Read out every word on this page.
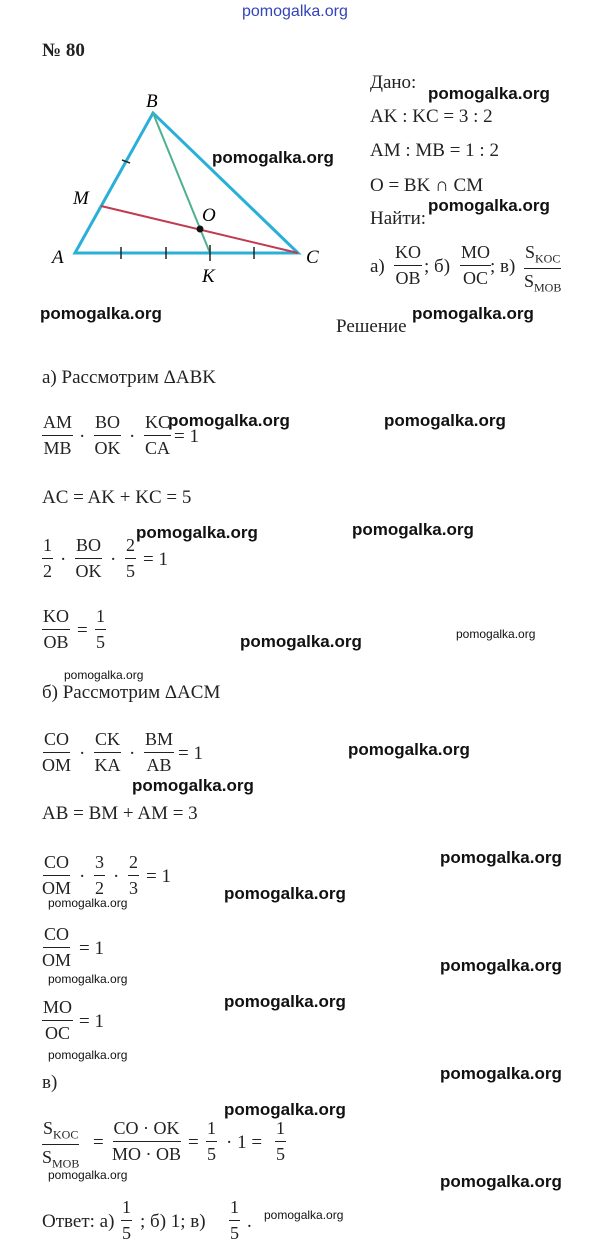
pomogalka.org
№ 80
A
B
C
M
O
K
Дано:
AK : KC = 3 : 2
AM : MB = 1 : 2
O = BK ∩ CM
Найти:
$а) \frac{KO}{OB}$ ; $б) \frac{MO}{OC}$
; в)
$S_{KOC}$
$S_{MOB}$
Решение
а) Рассмотрим ΔABK
$\frac{AM}{MB} \cdot \frac{BO}{OK} \cdot \frac{KC}{CA} = 1$
AC = AK + KC = 5
$\frac{1}{2} \cdot \frac{BO}{OK} \cdot \frac{2}{5} = 1$
$\frac{KO}{OB} = \frac{1}{5}$
б) Рассмотрим ΔACM
$\frac{CO}{OM} \cdot \frac{CK}{KA} \cdot \frac{BM}{AB} = 1$
AB = BM + AM = 3
$\frac{CO}{OM} \cdot \frac{3}{2} \cdot \frac{2}{3} = 1$
$\frac{CO}{OM} = 1$
$\frac{MO}{OC} = 1$
в)
$S_{KOC}$
$S_{MOB}$
= $\frac{CO \cdot OK}{MO \cdot OB} = \frac{1}{5} \cdot 1 = \frac{1}{5}$
Ответ: $а) \frac{1}{5}$ ; б) 1; $в) \frac{1}{5}$ .
pomogalka.org
pomogalka.org
pomogalka.org
pomogalka.org	pomogalka.org
pomogalka.org	pomogalka.org
pomogalka.org	pomogalka.org
pomogalka.org	pomogalka.org
pomogalka.org
pomogalka.org
pomogalka.org
pomogalka.org
pomogalka.org
pomogalka.org
pomogalka.org
pomogalka.org
pomogalka.org
pomogalka.org
pomogalka.org
pomogalka.org
pomogalka.org	pomogalka.org
pomogalka.org
